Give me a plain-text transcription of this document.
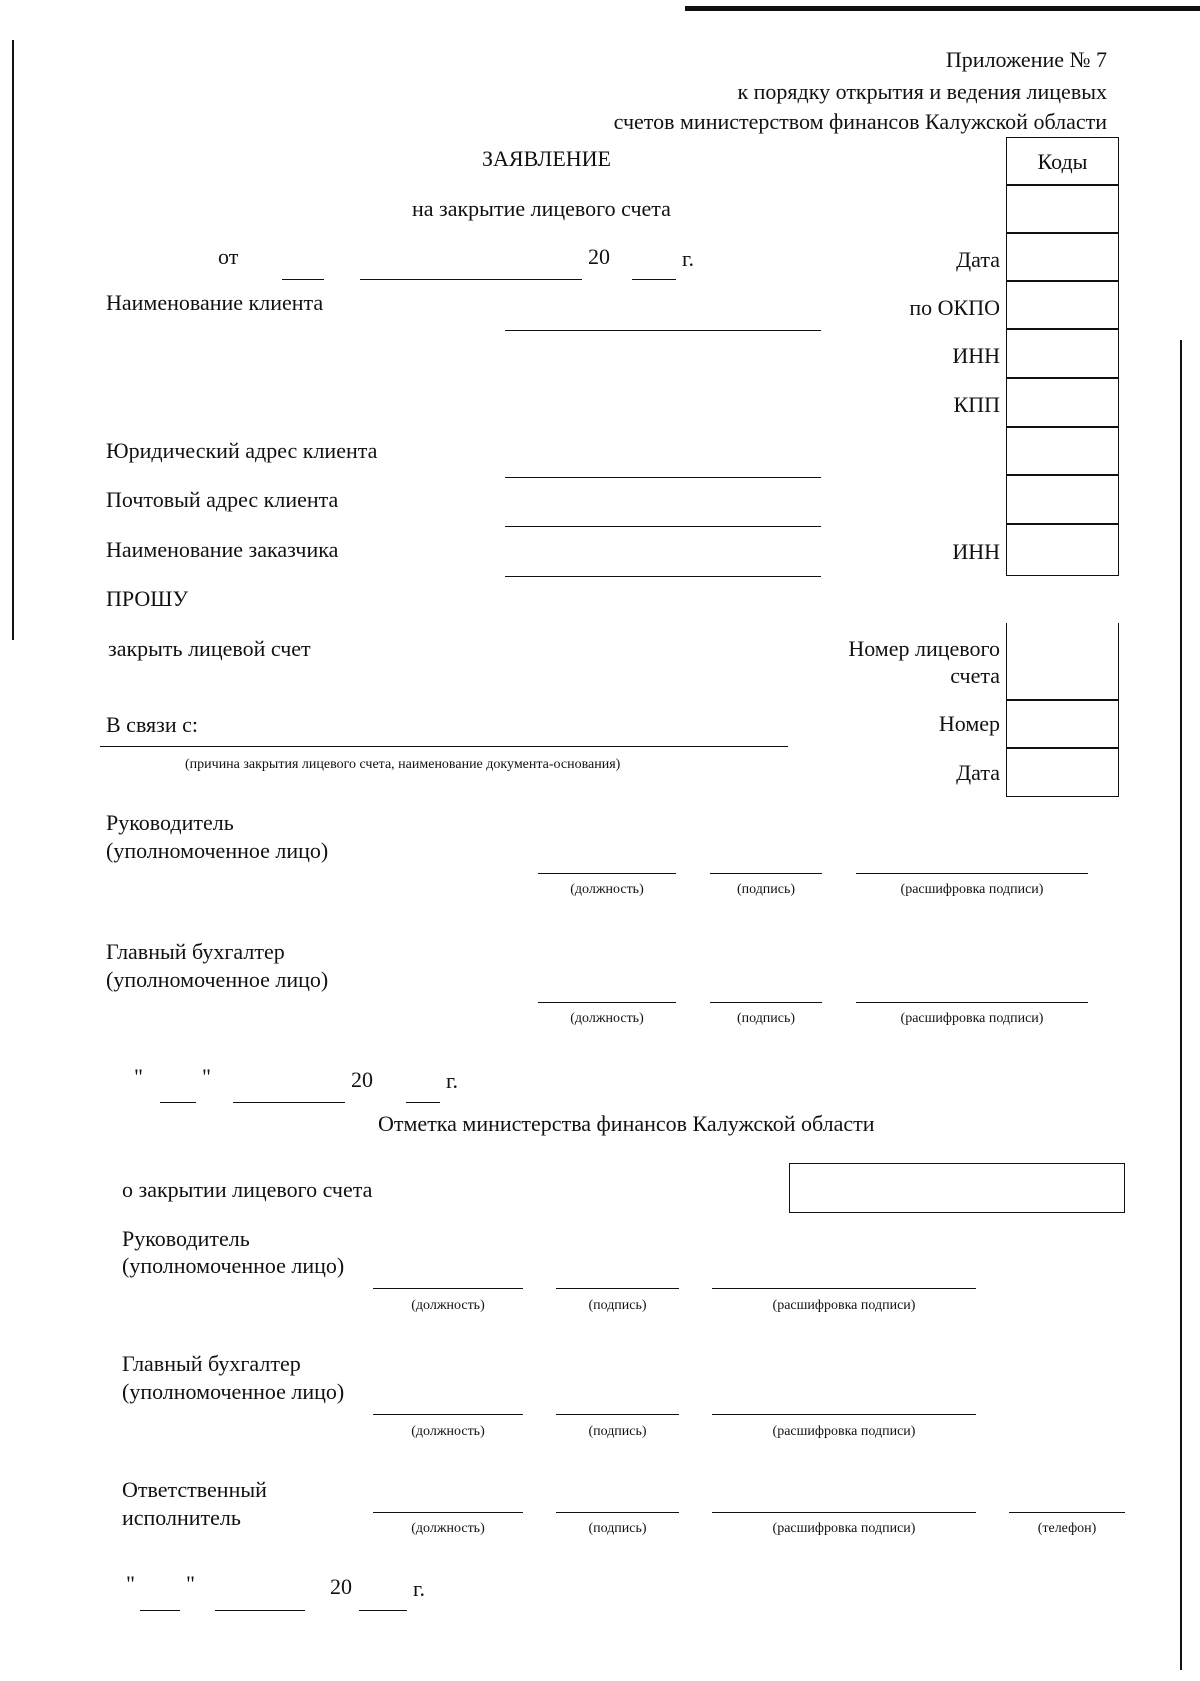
Приложение № 7
к порядку открытия и ведения лицевых
счетов министерством финансов Калужской области
ЗАЯВЛЕНИЕ
на закрытие лицевого счета
от	20	г.
Коды
Дата
по ОКПО
ИНН
КПП
ИНН
Наименование клиента
Юридический адрес клиента
Почтовый адрес клиента
Наименование заказчика
ПРОШУ
закрыть лицевой счет	Номер лицевого
счета
В связи с:
(причина закрытия лицевого счета, наименование документа-основания)
Номер
Дата
Руководитель
(уполномоченное лицо)
(должность)	(подпись)	(расшифровка подписи)
Главный бухгалтер
(уполномоченное лицо)
(должность)	(подпись)	(расшифровка подписи)
"	"	20	г.
Отметка министерства финансов Калужской области
о закрытии лицевого счета
Руководитель
(уполномоченное лицо)
(должность)	(подпись)	(расшифровка подписи)
Главный бухгалтер
(уполномоченное лицо)
(должность)	(подпись)	(расшифровка подписи)
Ответственный
исполнитель	(должность)	(подпись)	(расшифровка подписи)	(телефон)
" "	20	г.
